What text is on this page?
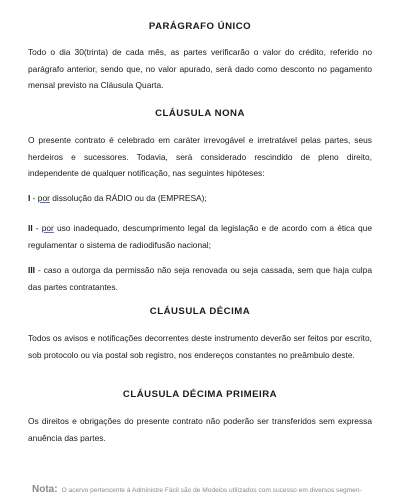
PARÁGRAFO ÚNICO

Todo o dia 30(trinta) de cada mês, as partes verificarão o valor do crédito, referido no parágrafo anterior, sendo que, no valor apurado, será dado como desconto no pagamento mensal previsto na Cláusula Quarta.

CLÁUSULA NONA

O presente contrato é celebrado em caráter irrevogável e irretratável pelas partes, seus herdeiros e sucessores. Todavia, será considerado rescindido de pleno direito, independente de qualquer notificação, nas seguintes hipóteses:

I - por dissolução da RÁDIO ou da (EMPRESA);

II - por uso inadequado, descumprimento legal da legislação e de acordo com a ética que regulamentar o sistema de radiodifusão nacional;

III - caso a outorga da permissão não seja renovada ou seja cassada, sem que haja culpa das partes contratantes.

CLÁUSULA DÉCIMA

Todos os avisos e notificações decorrentes deste instrumento deverão ser feitos por escrito, sob protocolo ou via postal sob registro, nos endereços constantes no preâmbulo deste.

CLÁUSULA DÉCIMA PRIMEIRA

Os direitos e obrigações do presente contrato não poderão ser transferidos sem expressa anuência das partes.

Nota: O acervo pertencente à Administre Fácil são de Modelos utilizados com sucesso em diversos segmen-
